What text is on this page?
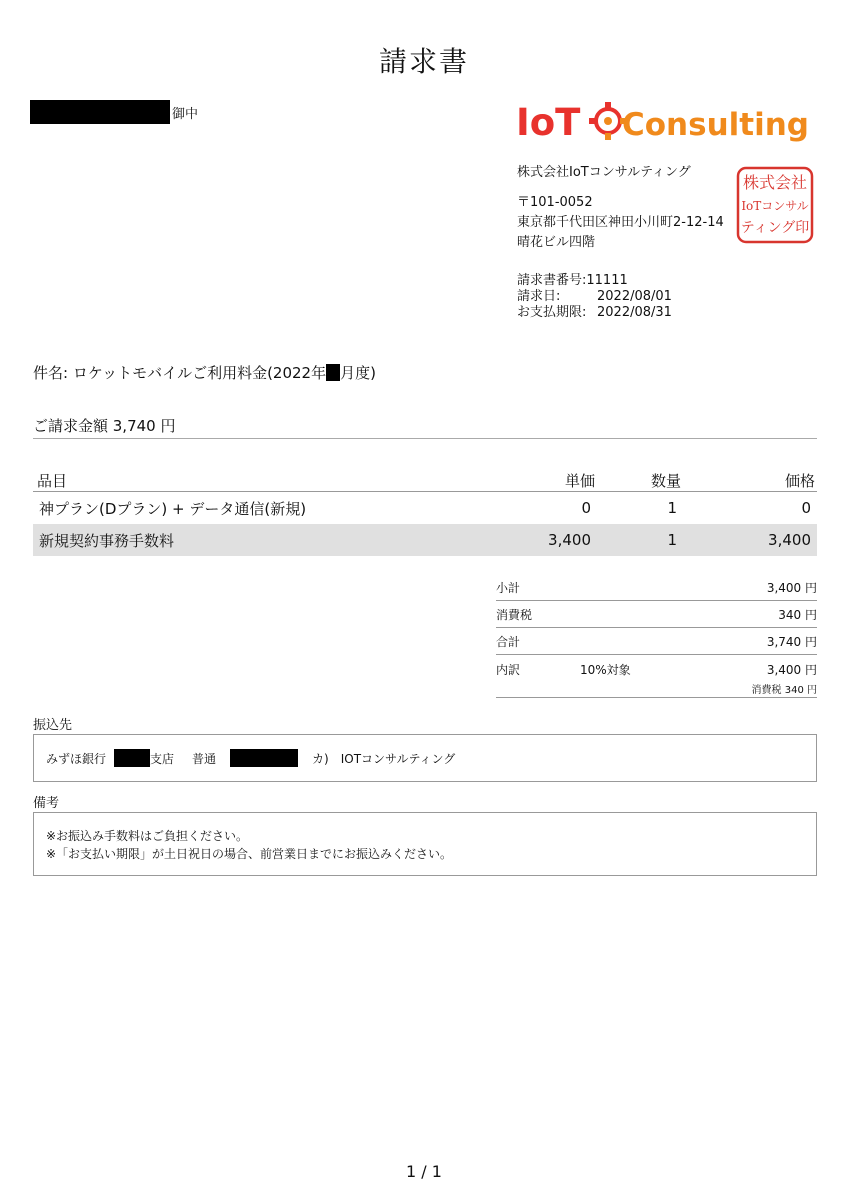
請求書
御中	IoT Consulting
株式会社IoTコンサルティング
〒101-0052
東京都千代田区神田小川町2-12-14
晴花ビル四階
株式会社
IoTコンサル
ティング印
請求書番号: 11111
請求日:	2022/08/01
お支払期限: 2022/08/31
件名: ロケットモバイルご利用料金(2022年 月度)
ご請求金額 3,740 円
品目	単価	数量	価格
神プラン(Dプラン) + データ通信(新規)	0	1	0
新規契約事務手数料	3,400	1	3,400
小計	3,400 円
消費税	340 円
合計	3,740 円
内訳	10%対象	3,400 円
消費税 340 円
振込先
みずほ銀行	支店 普通	カ)　IOTコンサルティング
備考
※お振込み手数料はご負担ください。
※「お支払い期限」が土日祝日の場合、前営業日までにお振込みください。
1 / 1
